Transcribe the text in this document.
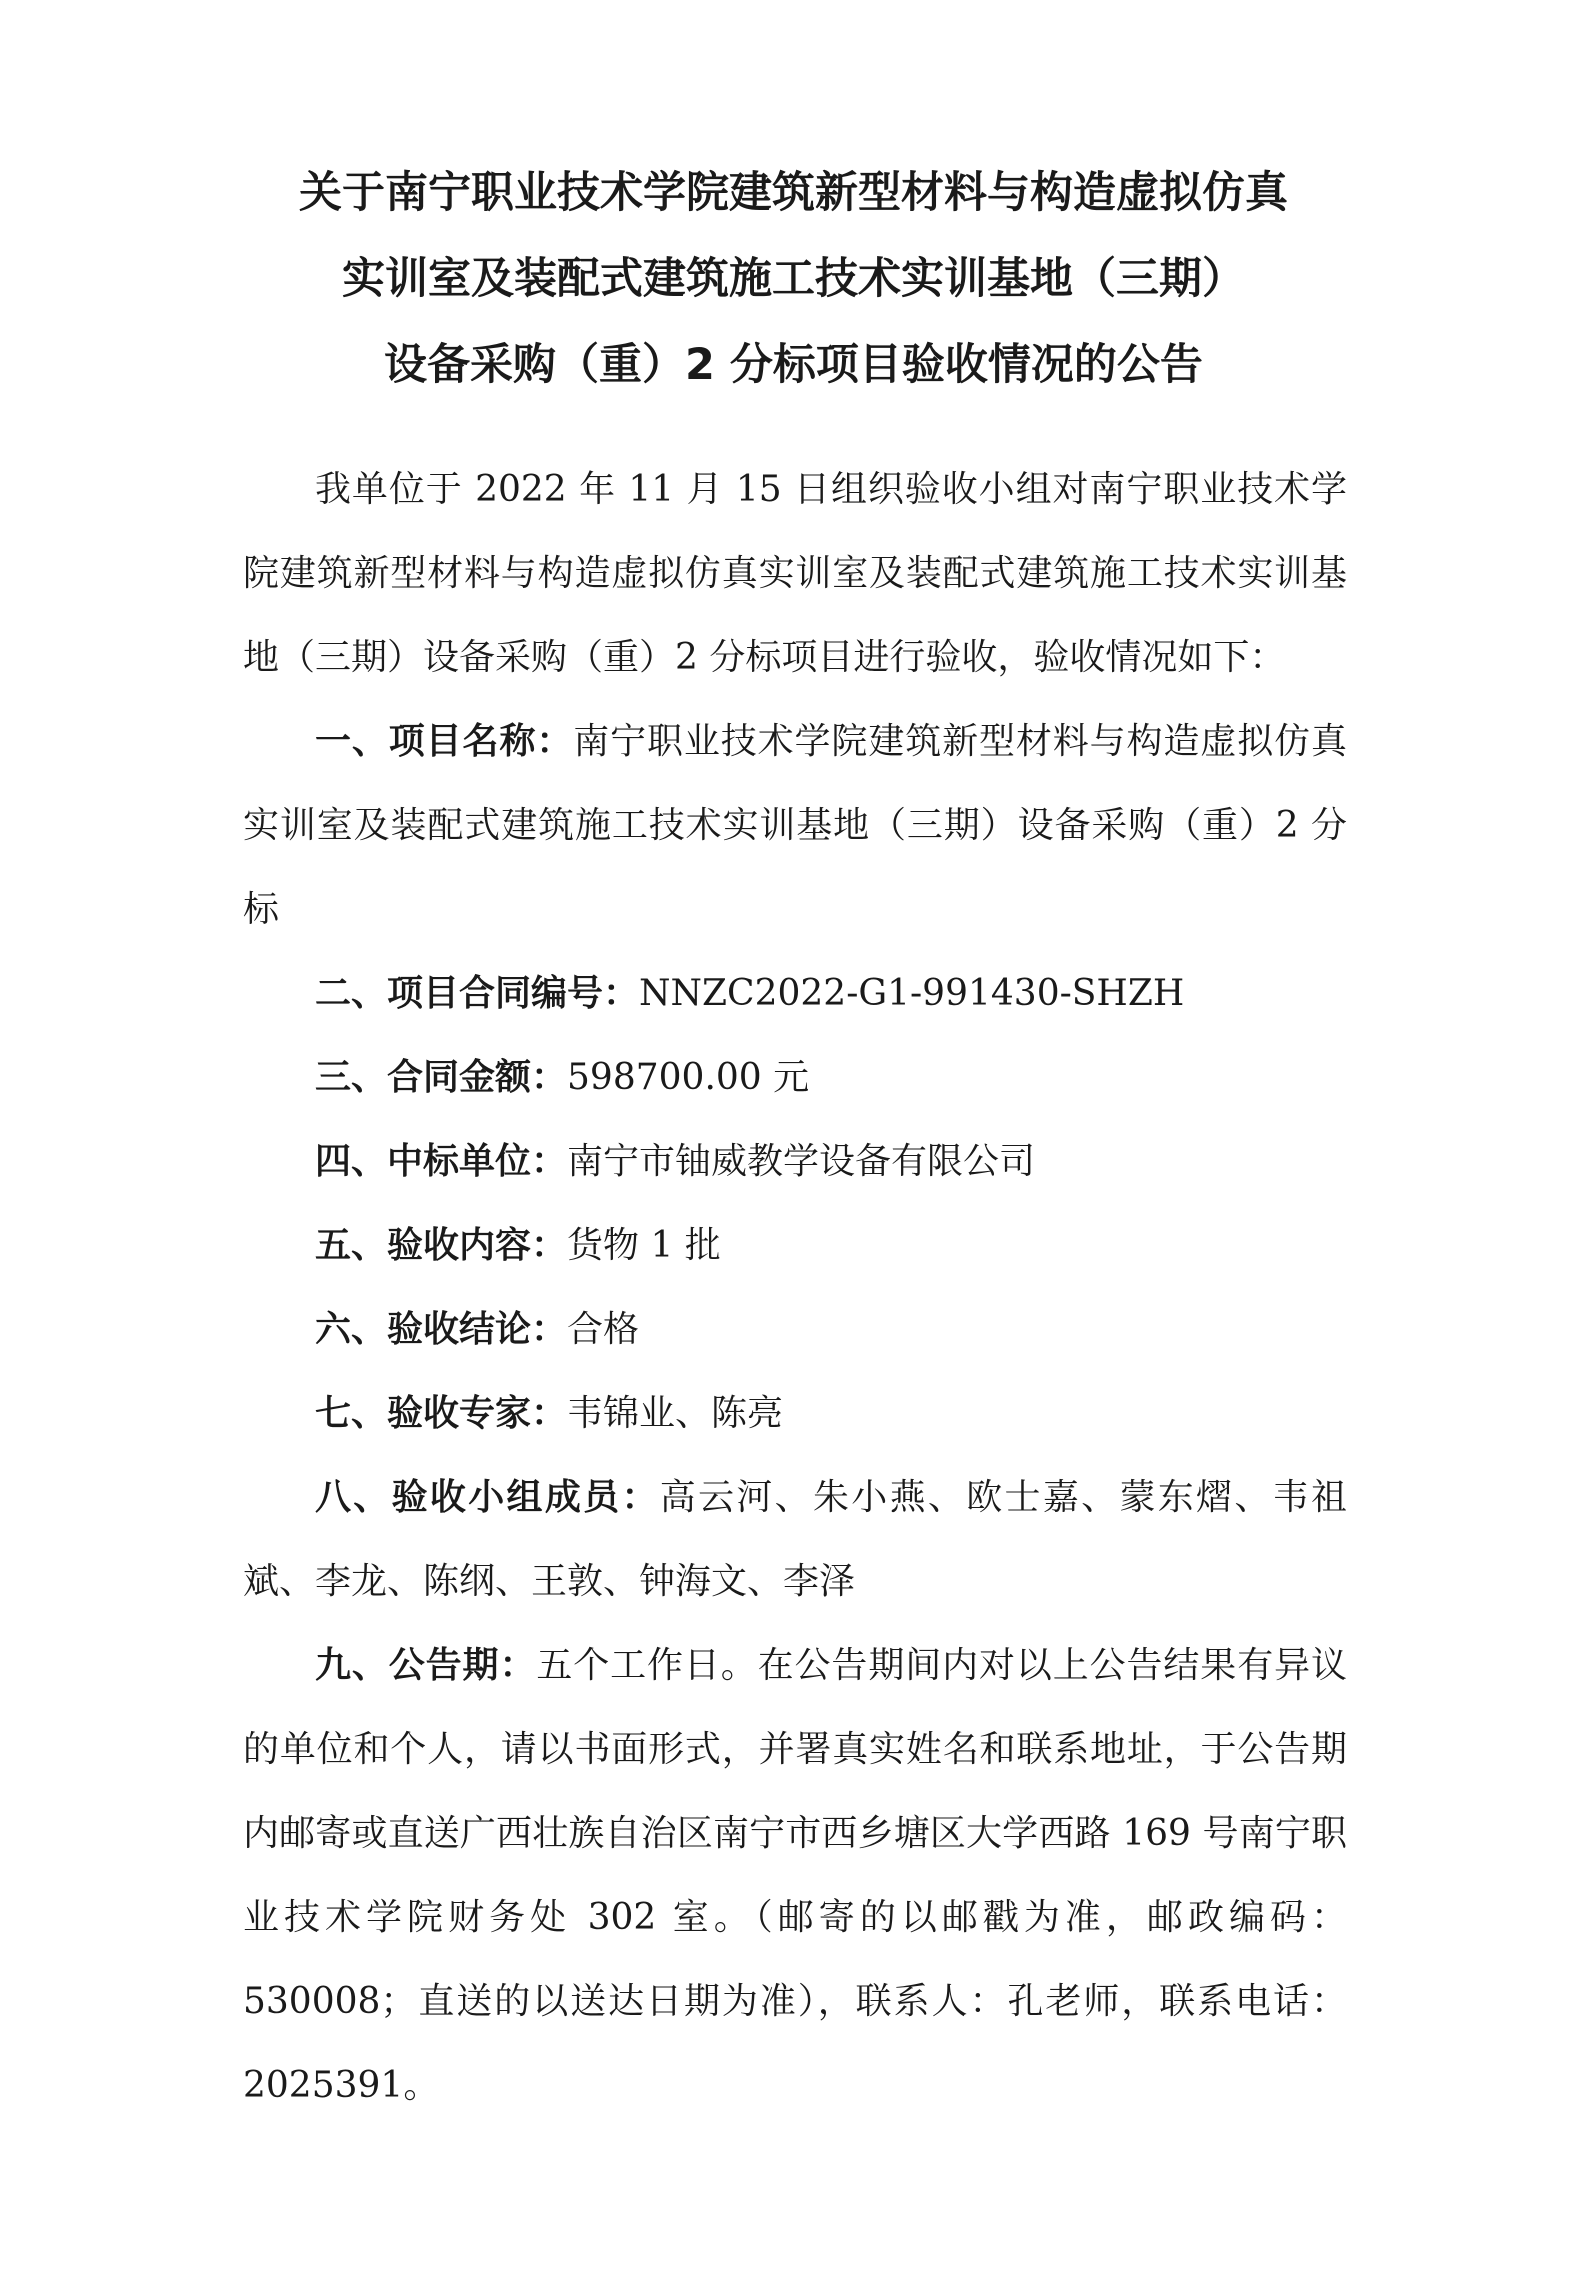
关于南宁职业技术学院建筑新型材料与构造虚拟仿真
实训室及装配式建筑施工技术实训基地（三期）
设备采购（重）2 分标项目验收情况的公告

我单位于 2022 年 11 月 15 日组织验收小组对南宁职业技术学院建筑新型材料与构造虚拟仿真实训室及装配式建筑施工技术实训基地（三期）设备采购（重）2 分标项目进行验收，验收情况如下：

一、项目名称：南宁职业技术学院建筑新型材料与构造虚拟仿真实训室及装配式建筑施工技术实训基地（三期）设备采购（重）2 分标

二、项目合同编号：NNZC2022-G1-991430-SHZH

三、合同金额：598700.00 元

四、中标单位：南宁市铀威教学设备有限公司

五、验收内容：货物 1 批

六、验收结论：合格

七、验收专家：韦锦业、陈亮

八、验收小组成员：高云河、朱小燕、欧士嘉、蒙东熠、韦祖斌、李龙、陈纲、王敦、钟海文、李泽

九、公告期：五个工作日。在公告期间内对以上公告结果有异议的单位和个人，请以书面形式，并署真实姓名和联系地址，于公告期内邮寄或直送广西壮族自治区南宁市西乡塘区大学西路 169 号南宁职业技术学院财务处 302 室。（邮寄的以邮戳为准，邮政编码：530008；直送的以送达日期为准），联系人：孔老师，联系电话：2025391。
